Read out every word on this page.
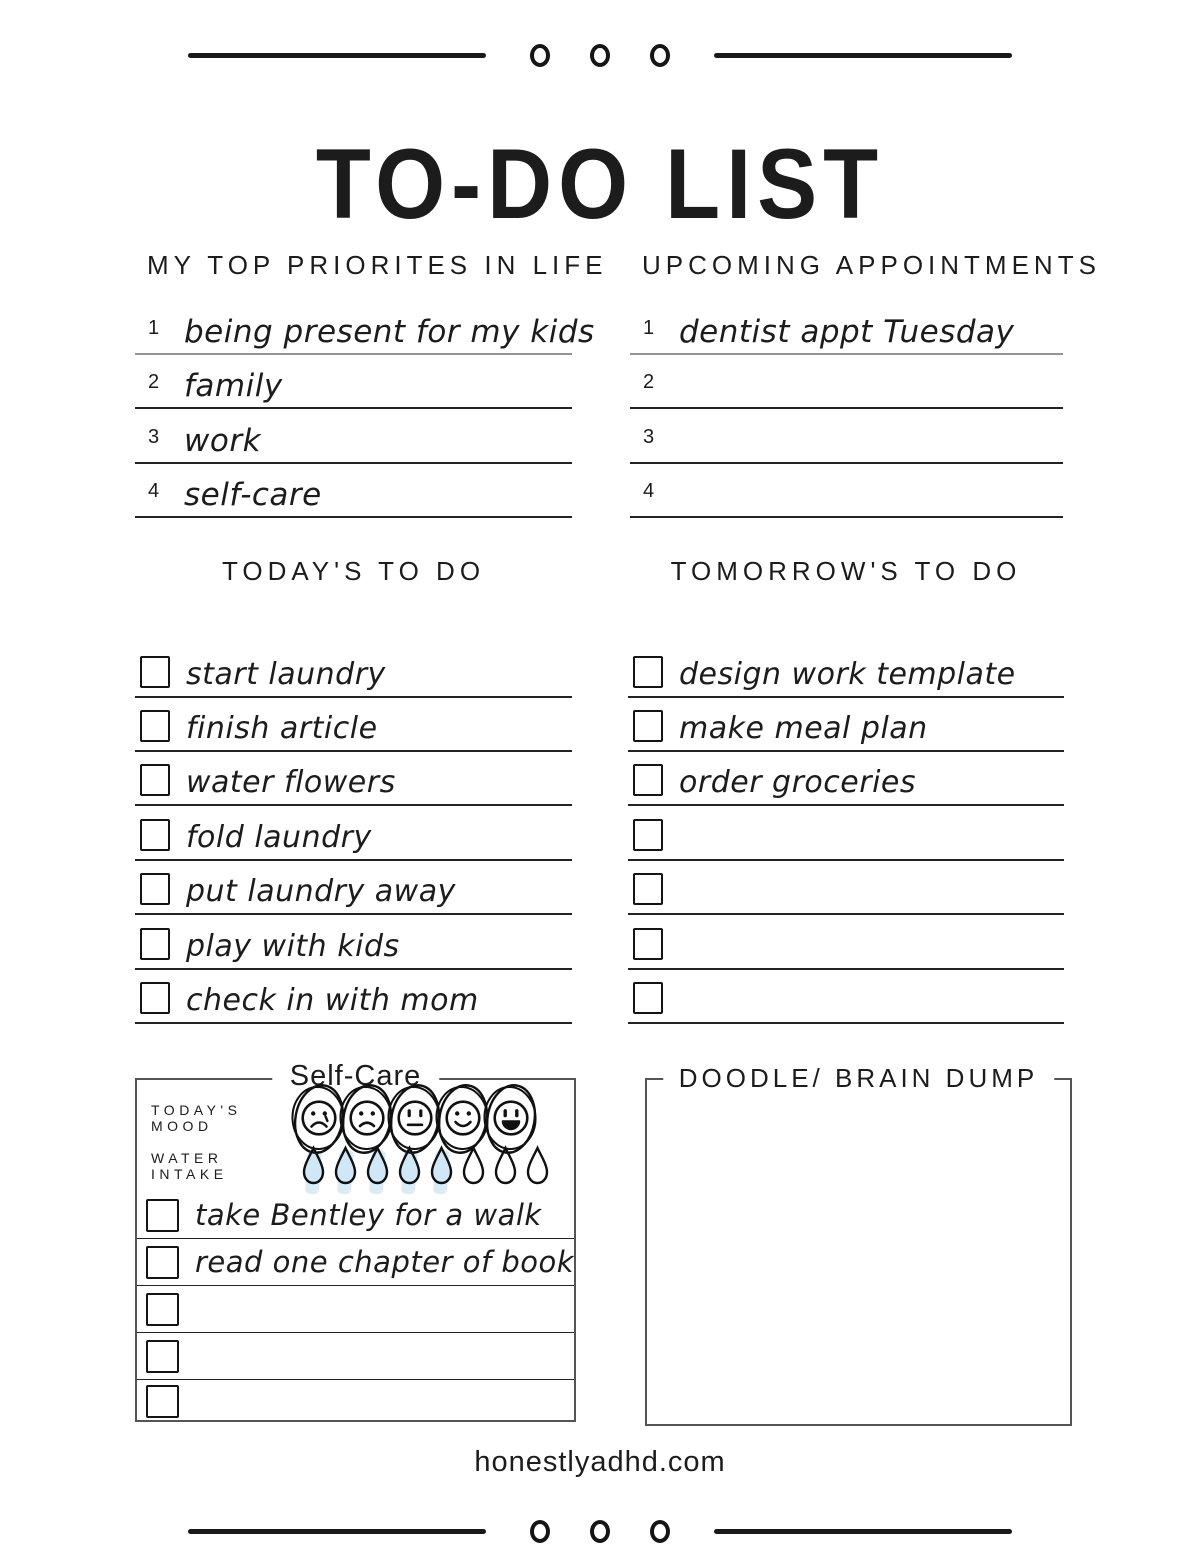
TO-DO LIST
MY TOP PRIORITES IN LIFE
1 being present for my kids
2 family
3 work
4 self-care
UPCOMING APPOINTMENTS
1 dentist appt Tuesday
2
3
4
TODAY'S TO DO
start laundry
finish article
water flowers
fold laundry
put laundry away
play with kids
check in with mom
TOMORROW'S TO DO
design work template
make meal plan
order groceries
Self-Care
TODAY'S MOOD
WATER INTAKE
take Bentley for a walk
read one chapter of book
DOODLE/ BRAIN DUMP
honestlyadhd.com
